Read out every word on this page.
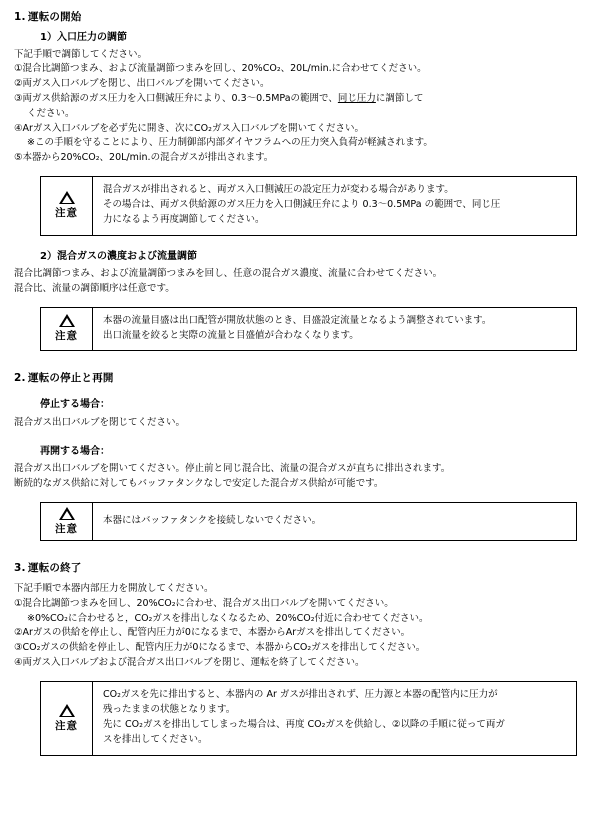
1. 運転の開始

1）入口圧力の調節

下記手順で調節してください。

①混合比調節つまみ、および流量調節つまみを回し、20%CO₂、20L/min.に合わせてください。
②両ガス入口バルブを閉じ、出口バルブを開いてください。
③両ガス供給源のガス圧力を入口側減圧弁により、0.3～0.5MPaの範囲で、同じ圧力に調節して
ください。
④Arガス入口バルブを必ず先に開き、次にCO₂ガス入口バルブを開いてください。
※この手順を守ることにより、圧力制御部内部ダイヤフラムへの圧力突入負荷が軽減されます。
⑤本器から20%CO₂、20L/min.の混合ガスが排出されます。
注意

混合ガスが排出されると、両ガス入口側減圧の設定圧力が変わる場合があります。

その場合は、両ガス供給源のガス圧力を入口側減圧弁により 0.3～0.5MPa の範囲で、同じ圧

力になるよう再度調節してください。

2）混合ガスの濃度および流量調節

混合比調節つまみ、および流量調節つまみを回し、任意の混合ガス濃度、流量に合わせてください。

混合比、流量の調節順序は任意です。

注意

本器の流量目盛は出口配管が開放状態のとき、目盛設定流量となるよう調整されています。

出口流量を絞ると実際の流量と目盛値が合わなくなります。

2. 運転の停止と再開

停止する場合：

混合ガス出口バルブを閉じてください。

再開する場合：

混合ガス出口バルブを開いてください。停止前と同じ混合比、流量の混合ガスが直ちに排出されます。

断続的なガス供給に対してもバッファタンクなしで安定した混合ガス供給が可能です。

注意

本器にはバッファタンクを接続しないでください。

3. 運転の終了

下記手順で本器内部圧力を開放してください。

①混合比調節つまみを回し、20%CO₂に合わせ、混合ガス出口バルブを開いてください。
※0%CO₂に合わせると，CO₂ガスを排出しなくなるため、20%CO₂付近に合わせてください。
②Arガスの供給を停止し、配管内圧力が0になるまで、本器からArガスを排出してください。
③CO₂ガスの供給を停止し、配管内圧力が0になるまで、本器からCO₂ガスを排出してください。
④両ガス入口バルブおよび混合ガス出口バルブを閉じ、運転を終了してください。
注意

CO₂ガスを先に排出すると、本器内の Ar ガスが排出されず、圧力源と本器の配管内に圧力が

残ったままの状態となります。

先に CO₂ガスを排出してしまった場合は、再度 CO₂ガスを供給し、②以降の手順に従って両ガ

スを排出してください。
